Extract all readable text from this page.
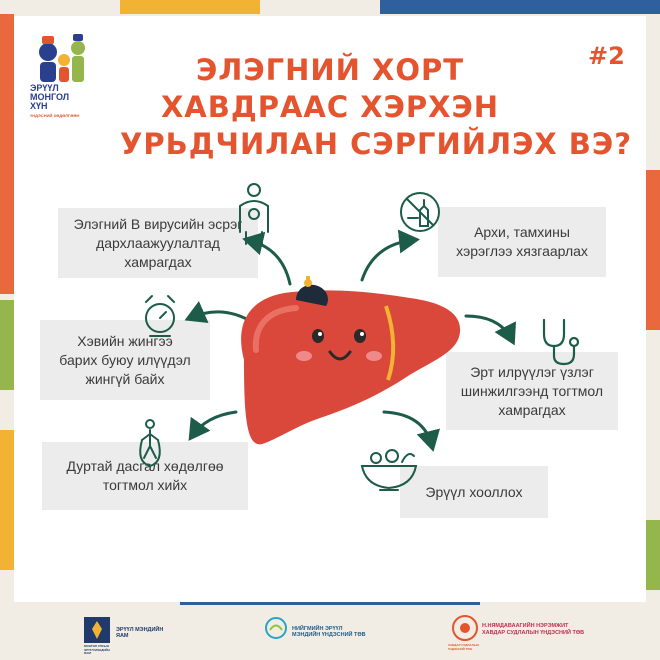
ЭРҮҮЛ
МОНГОЛ
ХҮН
ҮНДЭСНИЙ ХӨДӨЛГӨӨН
ЭЛЭГНИЙ ХОРТ
ХАВДРААС ХЭРХЭН
УРЬДЧИЛАН СЭРГИЙЛЭХ ВЭ?
#2
Элэгний В вирусийн эсрэг дархлаажуулалтад хамрагдах
Архи, тамхины хэрэглээ хязгаарлах
Хэвийн жингээ барих буюу илүүдэл жингүй байх	Эрт илрүүлэг үзлэг шинжилгээнд тогтмол хамрагдах
Дуртай дасгал хөдөлгөө тогтмол хийх	Эрүүл хооллох
МОНГОЛ УЛСЫН ЭРҮҮЛ МЭНДИЙН ЯАМ
ЭРҮҮЛ МЭНДИЙН ЯАМ
НИЙГМИЙН ЭРҮҮЛ МЭНДИЙН ҮНДЭСНИЙ ТӨВ
ХАВДАР СУДЛАЛЫН ҮНДЭСНИЙ ТӨВ
Н.НЯМДАВААГИЙН НЭРЭМЖИТ
ХАВДАР СУДЛАЛЫН ҮНДЭСНИЙ ТӨВ
